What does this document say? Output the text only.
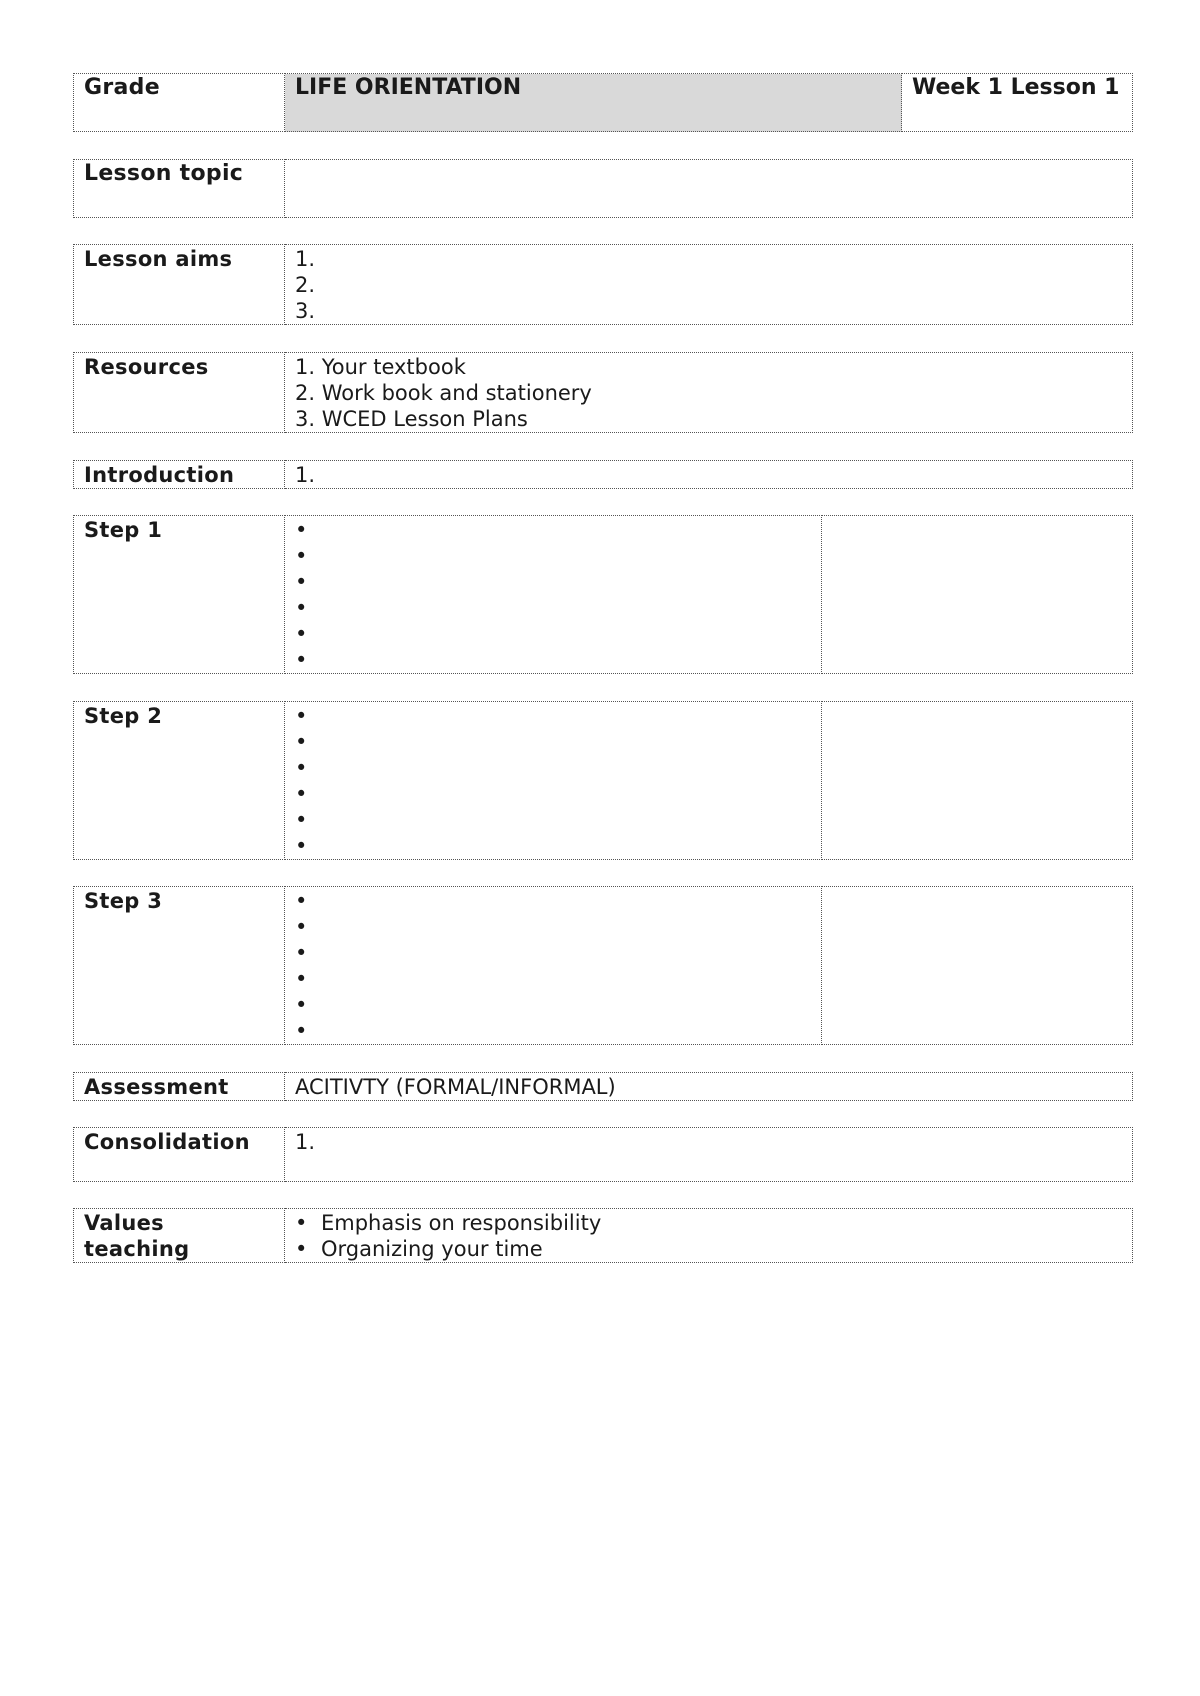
Grade	LIFE ORIENTATION	Week 1 Lesson 1
Lesson topic	
Lesson aims	1.
2.
3.
Resources	1. Your textbook
2. Work book and stationery
3. WCED Lesson Plans
Introduction	1.
Step 1	
•
•
•
•
•
•

Step 2	
•
•
•
•
•
•

Step 3	
•
•
•
•
•
•

Assessment	ACITIVTY (FORMAL/INFORMAL)
Consolidation	1.
Values teaching	
• Emphasis on responsibility
• Organizing your time
